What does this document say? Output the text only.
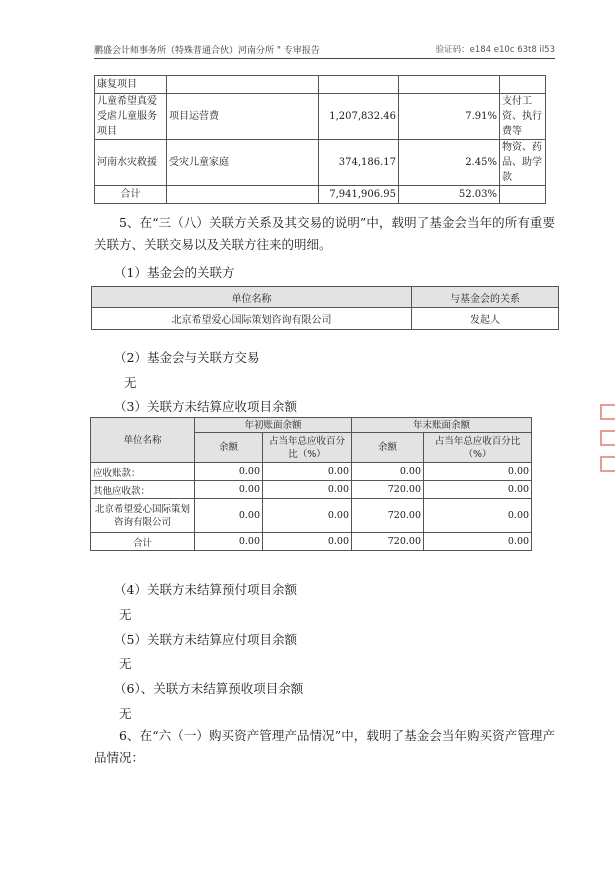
鹏盛会计师事务所（特殊普通合伙）河南分所 " 专审报告	验证码：e184 e10c 63t8 il53
康复项目				
儿童希望真爱受虐儿童服务项目	项目运营费	1,207,832.46	7.91%	支付工资、执行费等
河南水灾救援	受灾儿童家庭	374,186.17	2.45%	物资、药品、助学款
合计		7,941,906.95	52.03%	
5、在“三（八）关联方关系及其交易的说明”中，载明了基金会当年的所有重要关联方、关联交易以及关联方往来的明细。
（1）基金会的关联方
单位名称	与基金会的关系
北京希望爱心国际策划咨询有限公司	发起人
（2）基金会与关联方交易
无
（3）关联方未结算应收项目余额
单位名称	年初账面余额		年末账面余额	
	余额	占当年总应收百分比（%）	余额	占当年总应收百分比（%）
应收账款：	0.00	0.00	0.00	0.00
其他应收款：	0.00	0.00	720.00	0.00
北京希望爱心国际策划咨询有限公司	0.00	0.00	720.00	0.00
合计	0.00	0.00	720.00	0.00
（4）关联方未结算预付项目余额
无
（5）关联方未结算应付项目余额
无
（6）、关联方未结算预收项目余额
无
6、在“六（一）购买资产管理产品情况”中，载明了基金会当年购买资产管理产品情况：
